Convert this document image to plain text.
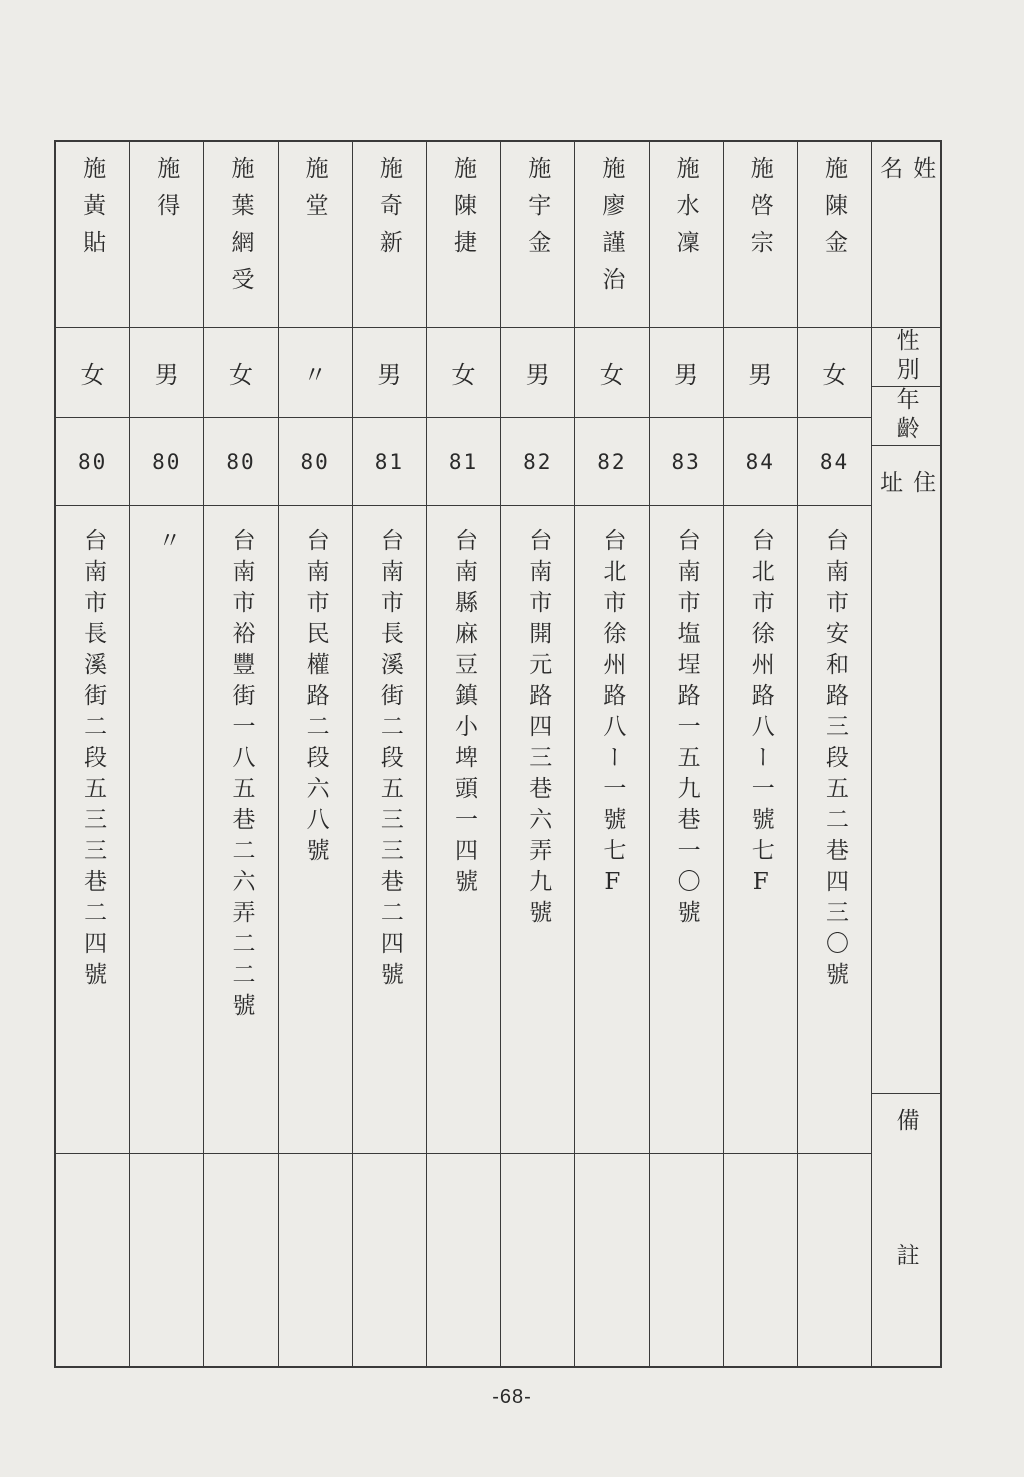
施黃貼
女
80
台南市長溪街二段五三三巷二四號
施得
男
80
〃
施葉網受
女
80
台南市裕豐街一八五巷二六弄二二號
施堂
〃
80
台南市民權路二段六八號
施奇新
男
81
台南市長溪街二段五三三巷二四號
施陳捷
女
81
台南縣麻豆鎮小埤頭一四號
施宇金
男
82
台南市開元路四三巷六弄九號
施廖謹治
女
82
台北市徐州路八ー一號七F
施水凜
男
83
台南市塩埕路一五九巷一〇號
施啓宗
男
84
台北市徐州路八ー一號七F
施陳金
女
84
台南市安和路三段五二巷四三〇號
姓名
性別
年齡
住址
備註
-68-
